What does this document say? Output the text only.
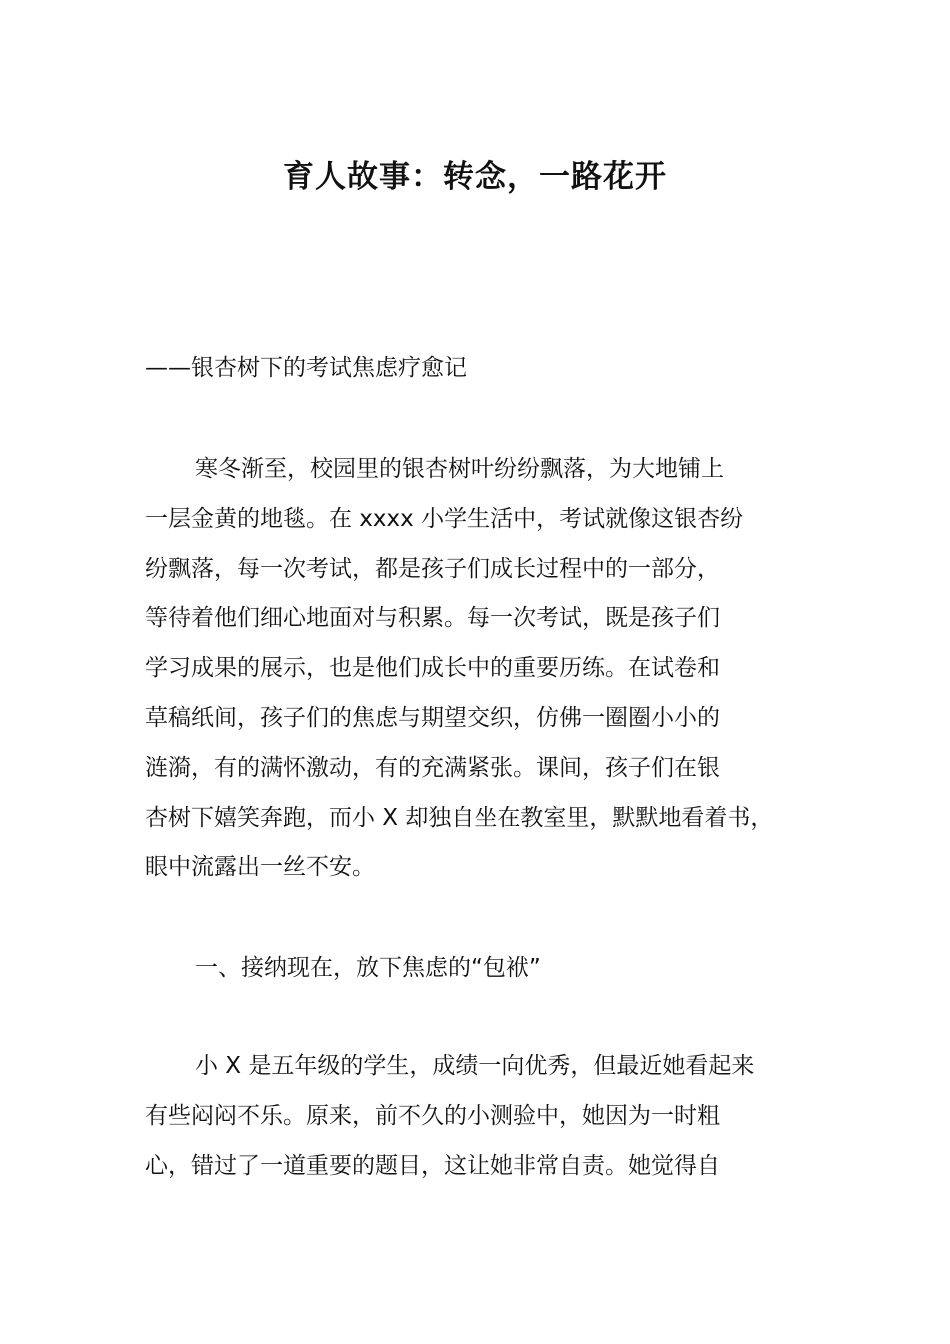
育人故事：转念，一路花开

——银杏树下的考试焦虑疗愈记

寒冬渐至，校园里的银杏树叶纷纷飘落，为大地铺上
一层金黄的地毯。在 xxxx 小学生活中，考试就像这银杏纷
纷飘落，每一次考试，都是孩子们成长过程中的一部分，
等待着他们细心地面对与积累。每一次考试，既是孩子们
学习成果的展示，也是他们成长中的重要历练。在试卷和
草稿纸间，孩子们的焦虑与期望交织，仿佛一圈圈小小的
涟漪，有的满怀激动，有的充满紧张。课间，孩子们在银
杏树下嬉笑奔跑，而小 X 却独自坐在教室里，默默地看着书，
眼中流露出一丝不安。

一、接纳现在，放下焦虑的“包袱”

小 X 是五年级的学生，成绩一向优秀，但最近她看起来
有些闷闷不乐。原来，前不久的小测验中，她因为一时粗
心，错过了一道重要的题目，这让她非常自责。她觉得自
